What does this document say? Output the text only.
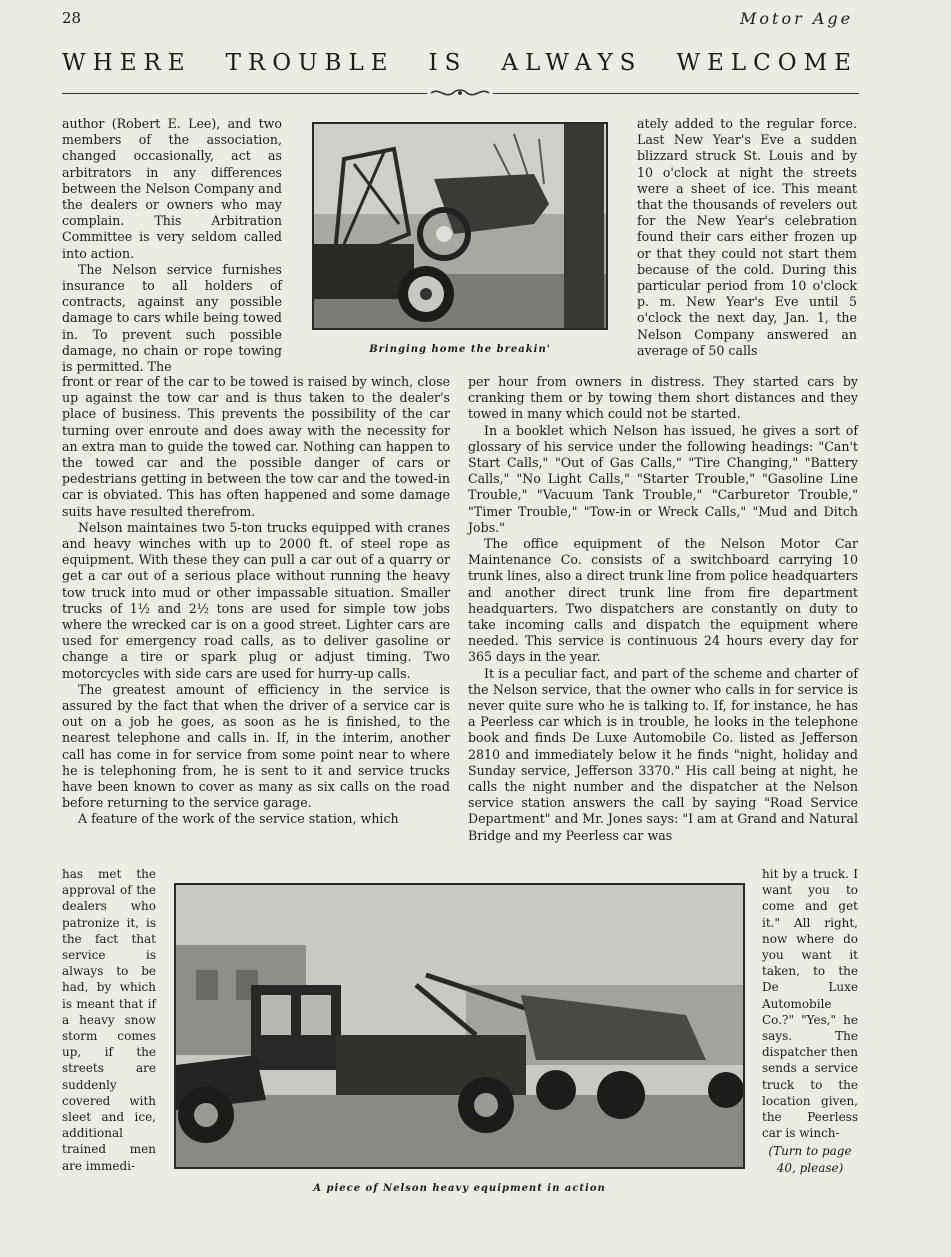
28	Motor Age
WHERE TROUBLE IS ALWAYS WELCOME
Bringing home the breakin'

author (Robert E. Lee), and two members of the association, changed occasionally, act as arbitrators in any differences between the Nelson Company and the dealers or owners who may complain. This Arbitration Committee is very seldom called into action.

The Nelson service furnishes insurance to all holders of contracts, against any possible damage to cars while being towed in. To prevent such possible damage, no chain or rope towing is permitted. The

ately added to the regular force. Last New Year's Eve a sudden blizzard struck St. Louis and by 10 o'clock at night the streets were a sheet of ice. This meant that the thousands of revelers out for the New Year's celebration found their cars either frozen up or that they could not start them because of the cold. During this particular period from 10 o'clock p. m. New Year's Eve until 5 o'clock the next day, Jan. 1, the Nelson Company answered an average of 50 calls

front or rear of the car to be towed is raised by winch, close up against the tow car and is thus taken to the dealer's place of business. This prevents the possibility of the car turning over enroute and does away with the necessity for an extra man to guide the towed car. Nothing can happen to the towed car and the possible danger of cars or pedestrians getting in between the tow car and the towed-in car is obviated. This has often happened and some damage suits have resulted therefrom.

Nelson maintaines two 5-ton trucks equipped with cranes and heavy winches with up to 2000 ft. of steel rope as equipment. With these they can pull a car out of a quarry or get a car out of a serious place without running the heavy tow truck into mud or other impassable situation. Smaller trucks of 1½ and 2½ tons are used for simple tow jobs where the wrecked car is on a good street. Lighter cars are used for emergency road calls, as to deliver gasoline or change a tire or spark plug or adjust timing. Two motorcycles with side cars are used for hurry-up calls.

The greatest amount of efficiency in the service is assured by the fact that when the driver of a service car is out on a job he goes, as soon as he is finished, to the nearest telephone and calls in. If, in the interim, another call has come in for service from some point near to where he is telephoning from, he is sent to it and service trucks have been known to cover as many as six calls on the road before returning to the service garage.

A feature of the work of the service station, which

per hour from owners in distress. They started cars by cranking them or by towing them short distances and they towed in many which could not be started.

In a booklet which Nelson has issued, he gives a sort of glossary of his service under the following headings: "Can't Start Calls," "Out of Gas Calls," "Tire Changing," "Battery Calls," "No Light Calls," "Starter Trouble," "Gasoline Line Trouble," "Vacuum Tank Trouble," "Carburetor Trouble," "Timer Trouble," "Tow-in or Wreck Calls," "Mud and Ditch Jobs."

The office equipment of the Nelson Motor Car Maintenance Co. consists of a switchboard carrying 10 trunk lines, also a direct trunk line from police headquarters and another direct trunk line from fire department headquarters. Two dispatchers are constantly on duty to take incoming calls and dispatch the equipment where needed. This service is continuous 24 hours every day for 365 days in the year.

It is a peculiar fact, and part of the scheme and charter of the Nelson service, that the owner who calls in for service is never quite sure who he is talking to. If, for instance, he has a Peerless car which is in trouble, he looks in the telephone book and finds De Luxe Automobile Co. listed as Jefferson 2810 and immediately below it he finds "night, holiday and Sunday service, Jefferson 3370." His call being at night, he calls the night number and the dispatcher at the Nelson service station answers the call by saying "Road Service Department" and Mr. Jones says: "I am at Grand and Natural Bridge and my Peerless car was

has met the approval of the dealers who patronize it, is the fact that service is always to be had, by which is meant that if a heavy snow storm comes up, if the streets are suddenly covered with sleet and ice, additional trained men are immedi-

hit by a truck. I want you to come and get it." All right, now where do you want it taken, to the De Luxe Automobile Co.?" "Yes," he says. The dispatcher then sends a service truck to the location given, the Peerless car is winch-

(Turn to page 40, please)

A piece of Nelson heavy equipment in action
